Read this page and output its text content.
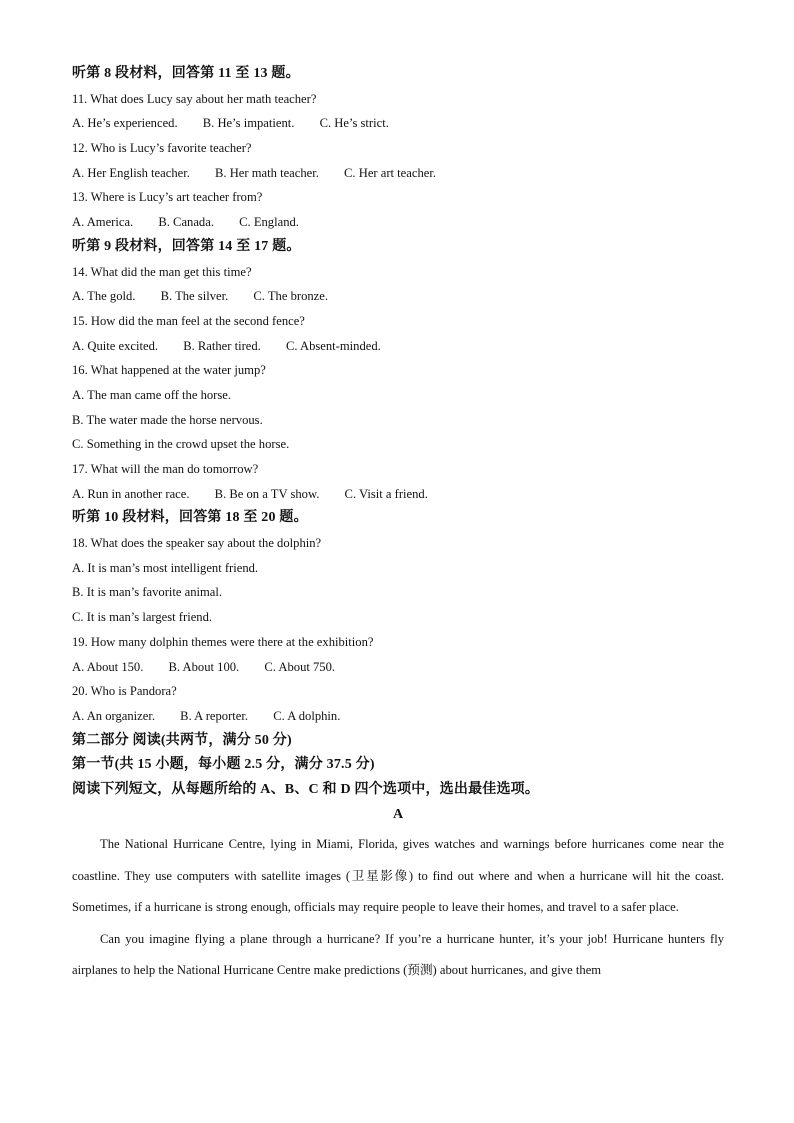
听第 8 段材料，回答第 11 至 13 题。
11. What does Lucy say about her math teacher?
A. He’s experienced. B. He’s impatient. C. He’s strict.
12. Who is Lucy’s favorite teacher?
A. Her English teacher. B. Her math teacher. C. Her art teacher.
13. Where is Lucy’s art teacher from?
A. America. B. Canada. C. England.
听第 9 段材料，回答第 14 至 17 题。
14. What did the man get this time?
A. The gold. B. The silver. C. The bronze.
15. How did the man feel at the second fence?
A. Quite excited. B. Rather tired. C. Absent-minded.
16. What happened at the water jump?
A. The man came off the horse.
B. The water made the horse nervous.
C. Something in the crowd upset the horse.
17. What will the man do tomorrow?
A. Run in another race. B. Be on a TV show. C. Visit a friend.
听第 10 段材料，回答第 18 至 20 题。
18. What does the speaker say about the dolphin?
A. It is man’s most intelligent friend.
B. It is man’s favorite animal.
C. It is man’s largest friend.
19. How many dolphin themes were there at the exhibition?
A. About 150. B. About 100. C. About 750.
20. Who is Pandora?
A. An organizer. B. A reporter. C. A dolphin.
第二部分 阅读(共两节，满分 50 分)
第一节(共 15 小题，每小题 2.5 分，满分 37.5 分)
阅读下列短文，从每题所给的 A、B、C 和 D 四个选项中，选出最佳选项。
A

The National Hurricane Centre, lying in Miami, Florida, gives watches and warnings before hurricanes come near the coastline. They use computers with satellite images (卫星影像) to find out where and when a hurricane will hit the coast. Sometimes, if a hurricane is strong enough, officials may require people to leave their homes, and travel to a safer place.

Can you imagine flying a plane through a hurricane? If you’re a hurricane hunter, it’s your job! Hurricane hunters fly airplanes to help the National Hurricane Centre make predictions (预测) about hurricanes, and give them
